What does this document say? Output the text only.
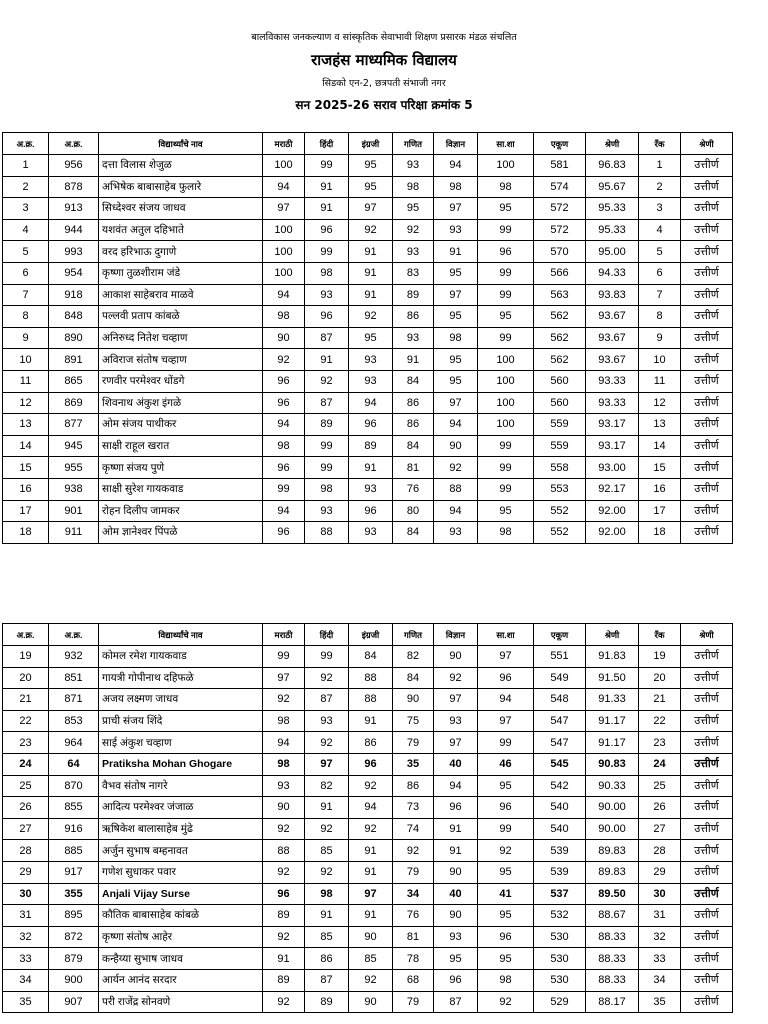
बालविकास जनकल्याण व सांस्कृतिक सेवाभावी शिक्षण प्रसारक मंडळ संचलित
राजहंस माध्यमिक विद्यालय
सिडको एन-2, छत्रपती संभाजी नगर
सन 2025-26 सराव परिक्षा क्रमांक 5
अ.क्र.	अ.क्र.	विद्यार्थ्यांचे नाव	मराठी	हिंदी	इंग्रजी	गणित	विज्ञान	सा.शा	एकूण	श्रेणी	रँक	श्रेणी
1	956	दत्ता विलास शेजुळ	100	99	95	93	94	100	581	96.83	1	उत्तीर्ण
2	878	अभिषेक बाबासाहेब फुलारे	94	91	95	98	98	98	574	95.67	2	उत्तीर्ण
3	913	सिध्देश्वर संजय जाधव	97	91	97	95	97	95	572	95.33	3	उत्तीर्ण
4	944	यशवंत अतुल दहिभाते	100	96	92	92	93	99	572	95.33	4	उत्तीर्ण
5	993	वरद हरिभाऊ दुगाणे	100	99	91	93	91	96	570	95.00	5	उत्तीर्ण
6	954	कृष्णा तुळशीराम जंडे	100	98	91	83	95	99	566	94.33	6	उत्तीर्ण
7	918	आकाश साहेबराव माळवे	94	93	91	89	97	99	563	93.83	7	उत्तीर्ण
8	848	पल्लवी प्रताप कांबळे	98	96	92	86	95	95	562	93.67	8	उत्तीर्ण
9	890	अनिरुध्द नितेश चव्हाण	90	87	95	93	98	99	562	93.67	9	उत्तीर्ण
10	891	अविराज संतोष चव्हाण	92	91	93	91	95	100	562	93.67	10	उत्तीर्ण
11	865	रणवीर परमेश्वर धोंडगे	96	92	93	84	95	100	560	93.33	11	उत्तीर्ण
12	869	शिवनाथ अंकुश इंगळे	96	87	94	86	97	100	560	93.33	12	उत्तीर्ण
13	877	ओम संजय पाथीकर	94	89	96	86	94	100	559	93.17	13	उत्तीर्ण
14	945	साक्षी राहूल खरात	98	99	89	84	90	99	559	93.17	14	उत्तीर्ण
15	955	कृष्णा संजय पुणे	96	99	91	81	92	99	558	93.00	15	उत्तीर्ण
16	938	साक्षी सुरेश गायकवाड	99	98	93	76	88	99	553	92.17	16	उत्तीर्ण
17	901	रोहन दिलीप जामकर	94	93	96	80	94	95	552	92.00	17	उत्तीर्ण
18	911	ओम ज्ञानेश्वर पिंपळे	96	88	93	84	93	98	552	92.00	18	उत्तीर्ण
अ.क्र.	अ.क्र.	विद्यार्थ्यांचे नाव	मराठी	हिंदी	इंग्रजी	गणित	विज्ञान	सा.शा	एकूण	श्रेणी	रँक	श्रेणी
19	932	कोमल रमेश गायकवाड	99	99	84	82	90	97	551	91.83	19	उत्तीर्ण
20	851	गायत्री गोपीनाथ दहिफळे	97	92	88	84	92	96	549	91.50	20	उत्तीर्ण
21	871	अजय लक्ष्मण जाधव	92	87	88	90	97	94	548	91.33	21	उत्तीर्ण
22	853	प्राची संजय शिंदे	98	93	91	75	93	97	547	91.17	22	उत्तीर्ण
23	964	साई अंकुश चव्हाण	94	92	86	79	97	99	547	91.17	23	उत्तीर्ण
24	64	Pratiksha Mohan Ghogare	98	97	96	35	40	46	545	90.83	24	उत्तीर्ण
25	870	वैभव संतोष नागरे	93	82	92	86	94	95	542	90.33	25	उत्तीर्ण
26	855	आदित्य परमेश्वर जंजाळ	90	91	94	73	96	96	540	90.00	26	उत्तीर्ण
27	916	ऋषिकेश बालासाहेब मुंढे	92	92	92	74	91	99	540	90.00	27	उत्तीर्ण
28	885	अर्जुन सुभाष बम्हनावत	88	85	91	92	91	92	539	89.83	28	उत्तीर्ण
29	917	गणेश सुधाकर पवार	92	92	91	79	90	95	539	89.83	29	उत्तीर्ण
30	355	Anjali Vijay Surse	96	98	97	34	40	41	537	89.50	30	उत्तीर्ण
31	895	कौतिक बाबासाहेब कांबळे	89	91	91	76	90	95	532	88.67	31	उत्तीर्ण
32	872	कृष्णा संतोष आहेर	92	85	90	81	93	96	530	88.33	32	उत्तीर्ण
33	879	कन्हैय्या सुभाष जाधव	91	86	85	78	95	95	530	88.33	33	उत्तीर्ण
34	900	आर्यन आनंद सरदार	89	87	92	68	96	98	530	88.33	34	उत्तीर्ण
35	907	परी राजेंद्र सोनवणे	92	89	90	79	87	92	529	88.17	35	उत्तीर्ण
